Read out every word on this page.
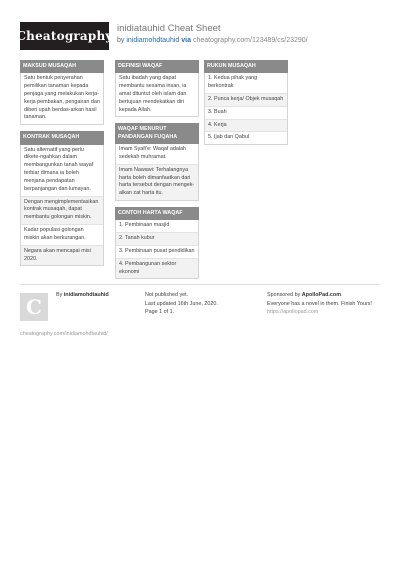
Cheatography
inidiatauhid Cheat Sheet
by inidiamohdtauhid via cheatography.com/123489/cs/23290/
MAKSUD MUSAQAH
Satu bentuk penyerahan pemilikan tanaman kepada penjaga yang melakukan kerja-kerja pembakan, pengairan dan diberi upah berdas-arkan hasil tanaman.
KONTRAK MUSAQAH
Satu alternatif yang perlu dikete-ngahkan dalam membangunkan tanah wayaf terbiar dimana ia boleh menjana pendapatan berpanjangan dan lumayan.
Dengan mengimplementasikan kontrak musaqah, dapat membantu golongan miskin.
Kadar populasi golongan miskin akan berkurangan.
Negara akan mencapai misi 2020.
DEFINISI WAQAF
Satu ibadah yang dapat membantu sesama insan, ia amat dituntut oleh islam dan bertujuan mendekatkan diri kepada Allah.
WAQAF MENURUT PANDANGAN FUQAHA
Imam Syafi'e: Waqaf adalah sedekah muhramat.
Imam Nawawi: Terhalangnya harta boleh dimanfaatkan dari harta tersebut dengan mengek-alkan zat harta itu.
CONTOH HARTA WAQAF
1. Pembinaan masjid
2. Tanah kubur
3. Pembinaan pusat pendidikan
4. Pembangunan sektor ekonomi
RUKUN MUSAQAH
1. Kedua pihak yang berkontrak
2. Punca kerja/ Objek musaqah
3. Buah
4. Kerja
5. Ijab dan Qabul
C	By inidiamohdtauhid
cheatography.com/inidiamohdtauhid/
Not published yet.
Last updated 16th June, 2020.
Page 1 of 1.
Sponsored by ApolloPad.com
Everyone has a novel in them. Finish Yours!
https://apollopad.com
